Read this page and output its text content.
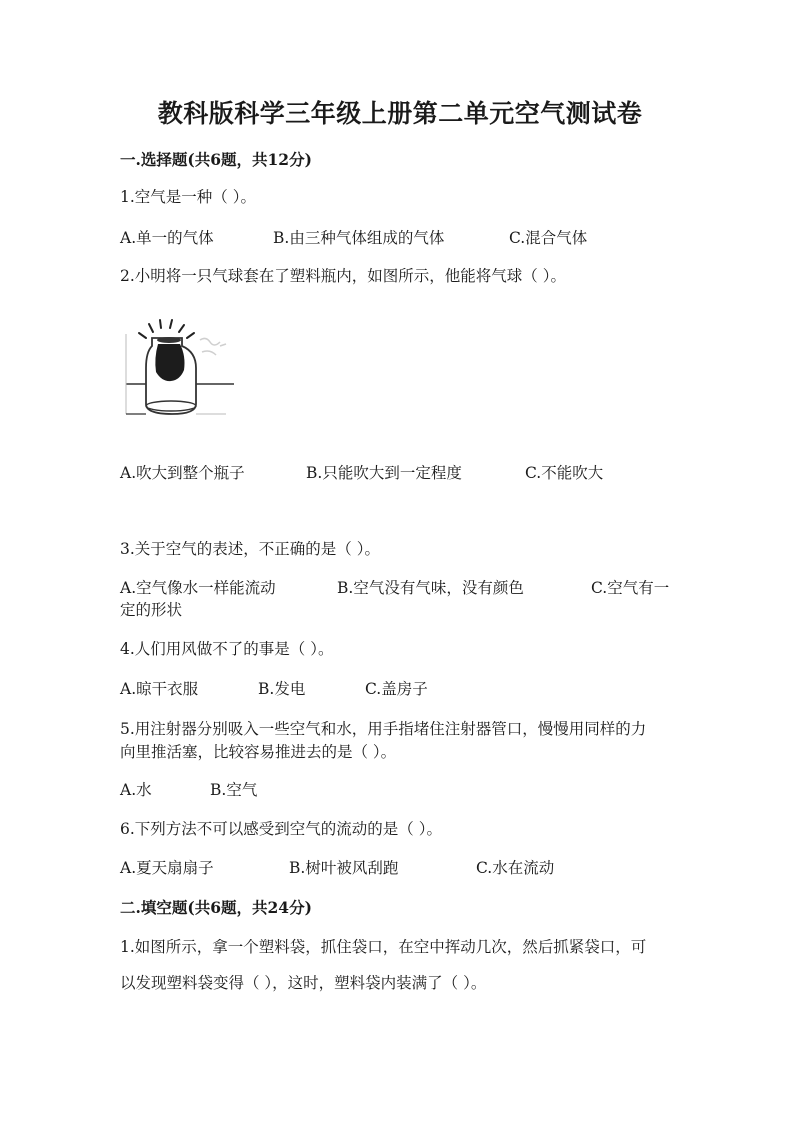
教科版科学三年级上册第二单元空气测试卷
一.选择题(共6题，共12分)
1.空气是一种（ ）。
A.单一的气体	B.由三种气体组成的气体	C.混合气体
2.小明将一只气球套在了塑料瓶内，如图所示，他能将气球（ ）。
A.吹大到整个瓶子	B.只能吹大到一定程度	C.不能吹大
3.关于空气的表述，不正确的是（ ）。
A.空气像水一样能流动	B.空气没有气味，没有颜色	C.空气有一
定的形状
4.人们用风做不了的事是（ ）。
A.晾干衣服	B.发电	C.盖房子
5.用注射器分别吸入一些空气和水，用手指堵住注射器管口，慢慢用同样的力
向里推活塞，比较容易推进去的是（ ）。
A.水	B.空气
6.下列方法不可以感受到空气的流动的是（ ）。
A.夏天扇扇子	B.树叶被风刮跑	C.水在流动
二.填空题(共6题，共24分)
1.如图所示，拿一个塑料袋，抓住袋口，在空中挥动几次，然后抓紧袋口，可
以发现塑料袋变得（ ），这时，塑料袋内装满了（ ）。
